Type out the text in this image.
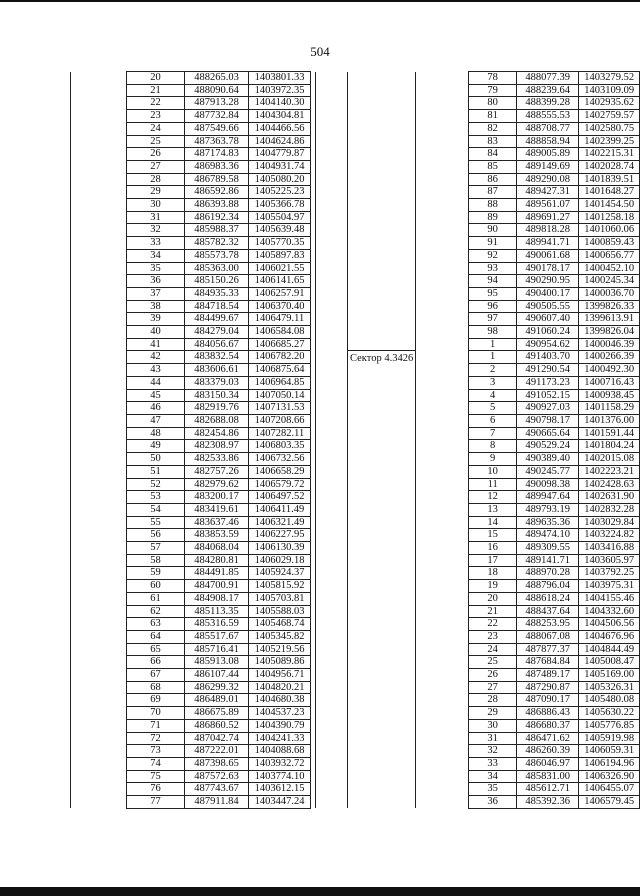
504
	20	488265.03	1403801.33	
	21	488090.64	1403972.35	
	22	487913.28	1404140.30	
	23	487732.84	1404304.81	
	24	487549.66	1404466.56	
	25	487363.78	1404624.86	
	26	487174.83	1404779.87	
	27	486983.36	1404931.74	
	28	486789.58	1405080.20	
	29	486592.86	1405225.23	
	30	486393.88	1405366.78	
	31	486192.34	1405504.97	
	32	485988.37	1405639.48	
	33	485782.32	1405770.35	
	34	485573.78	1405897.83	
	35	485363.00	1406021.55	
	36	485150.26	1406141.65	
	37	484935.33	1406257.91	
	38	484718.54	1406370.40	
	39	484499.67	1406479.11	
	40	484279.04	1406584.08	
	41	484056.67	1406685.27	
	42	483832.54	1406782.20	
	43	483606.61	1406875.64	
	44	483379.03	1406964.85	
	45	483150.34	1407050.14	
	46	482919.76	1407131.53	
	47	482688.08	1407208.66	
	48	482454.86	1407282.11	
	49	482308.97	1406803.35	
	50	482533.86	1406732.56	
	51	482757.26	1406658.29	
	52	482979.62	1406579.72	
	53	483200.17	1406497.52	
	54	483419.61	1406411.49	
	55	483637.46	1406321.49	
	56	483853.59	1406227.95	
	57	484068.04	1406130.39	
	58	484280.81	1406029.18	
	59	484491.85	1405924.37	
	60	484700.91	1405815.92	
	61	484908.17	1405703.81	
	62	485113.35	1405588.03	
	63	485316.59	1405468.74	
	64	485517.67	1405345.82	
	65	485716.41	1405219.56	
	66	485913.08	1405089.86	
	67	486107.44	1404956.71	
	68	486299.32	1404820.21	
	69	486489.01	1404680.38	
	70	486675.89	1404537.23	
	71	486860.52	1404390.79	
	72	487042.74	1404241.33	
	73	487222.01	1404088.68	
	74	487398.65	1403932.72	
	75	487572.63	1403774.10	
	76	487743.67	1403612.15	
	77	487911.84	1403447.24	
		78	488077.39	1403279.52
		79	488239.64	1403109.09
		80	488399.28	1402935.62
		81	488555.53	1402759.57
		82	488708.77	1402580.75
		83	488858.94	1402399.25
		84	489005.89	1402215.31
		85	489149.69	1402028.74
		86	489290.08	1401839.51
		87	489427.31	1401648.27
		88	489561.07	1401454.50
		89	489691.27	1401258.18
		90	489818.28	1401060.06
		91	489941.71	1400859.43
		92	490061.68	1400656.77
		93	490178.17	1400452.10
		94	490290.95	1400245.34
		95	490400.17	1400036.70
		96	490505.55	1399826.33
		97	490607.40	1399613.91
		98	491060.24	1399826.04
		1	490954.62	1400046.39

Сектор 4.3426		1	491403.70	1400266.39
		2	491290.54	1400492.30
		3	491173.23	1400716.43
		4	491052.15	1400938.45
		5	490927.03	1401158.29
		6	490798.17	1401376.00
		7	490665.64	1401591.44
		8	490529.24	1401804.24
		9	490389.40	1402015.08
		10	490245.77	1402223.21
		11	490098.38	1402428.63
		12	489947.64	1402631.90
		13	489793.19	1402832.28
		14	489635.36	1403029.84
		15	489474.10	1403224.82
		16	489309.55	1403416.88
		17	489141.71	1403605.97
		18	488970.28	1403792.25
		19	488796.04	1403975.31
		20	488618.24	1404155.46
		21	488437.64	1404332.60
		22	488253.95	1404506.56
		23	488067.08	1404676.96
		24	487877.37	1404844.49
		25	487684.84	1405008.47
		26	487489.17	1405169.00
		27	487290.87	1405326.31
		28	487090.17	1405480.08
		29	486886.43	1405630.22
		30	486680.37	1405776.85
		31	486471.62	1405919.98
		32	486260.39	1406059.31
		33	486046.97	1406194.96
		34	485831.00	1406326.90
		35	485612.71	1406455.07
		36	485392.36	1406579.45
